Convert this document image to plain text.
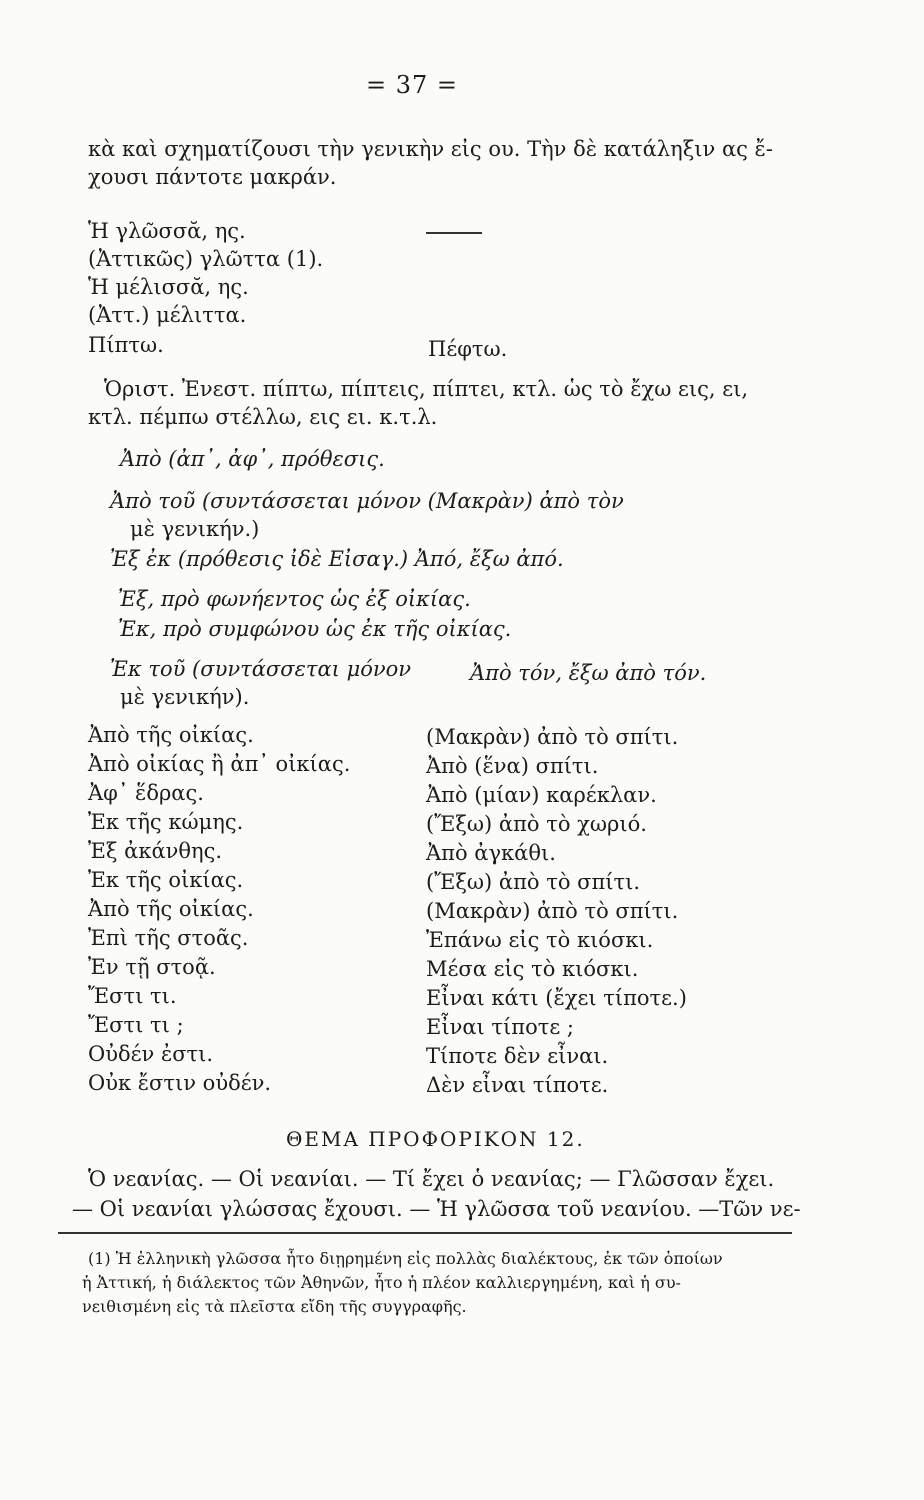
= 37 =
κὰ καὶ σχηματίζουσι τὴν γενικὴν εἰς ου. Τὴν δὲ κατάληξιν ας ἔ-
χουσι πάντοτε μακράν.
Ἡ γλῶσσᾰ, ης.
(Ἀττικῶς) γλῶττα (1).
Ἡ μέλισσᾰ, ης.
(Ἀττ.) μέλιττα.
Πίπτω.	Πέφτω.
Ὁριστ. Ἐνεστ. πίπτω, πίπτεις, πίπτει, κτλ. ὡς τὸ ἔχω εις, ει,
κτλ. πέμπω στέλλω, εις ει. κ.τ.λ.
Ἀπὸ (ἀπ᾽, ἀφ᾽, πρόθεσις.
Ἀπὸ τοῦ (συντάσσεται μόνον (Μακρὰν) ἀπὸ τὸν
μὲ γενικήν.)
Ἐξ ἐκ (πρόθεσις ἰδὲ Εἰσαγ.) Ἀπό, ἔξω ἀπό.
Ἐξ, πρὸ φωνήεντος ὡς ἐξ οἰκίας.
Ἐκ, πρὸ συμφώνου ὡς ἐκ τῆς οἰκίας.
Ἐκ τοῦ (συντάσσεται μόνον	Ἀπὸ τόν, ἔξω ἀπὸ τόν.
μὲ γενικήν).
Ἀπὸ τῆς οἰκίας.	(Μακρὰν) ἀπὸ τὸ σπίτι.
Ἀπὸ οἰκίας ἢ ἀπ᾽ οἰκίας.	Ἀπὸ (ἕνα) σπίτι.
Ἀφ᾽ ἕδρας.	Ἀπὸ (μίαν) καρέκλαν.
Ἐκ τῆς κώμης.	(Ἔξω) ἀπὸ τὸ χωριό.
Ἐξ ἀκάνθης.	Ἀπὸ ἀγκάθι.
Ἐκ τῆς οἰκίας.	(Ἔξω) ἀπὸ τὸ σπίτι.
Ἀπὸ τῆς οἰκίας.	(Μακρὰν) ἀπὸ τὸ σπίτι.
Ἐπὶ τῆς στοᾶς.	Ἐπάνω εἰς τὸ κιόσκι.
Ἐν τῇ στοᾷ.	Μέσα εἰς τὸ κιόσκι.
Ἔστι τι.	Εἶναι κάτι (ἔχει τίποτε.)
Ἔστι τι ;	Εἶναι τίποτε ;
Οὐδέν ἐστι.	Τίποτε δὲν εἶναι.
Οὐκ ἔστιν οὐδέν.	Δὲν εἶναι τίποτε.
ΘΕΜΑ ΠΡΟΦΟΡΙΚΟΝ 12.
Ὁ νεανίας. — Οἱ νεανίαι. — Τί ἔχει ὁ νεανίας; — Γλῶσσαν ἔχει.
— Οἱ νεανίαι γλώσσας ἔχουσι. — Ἡ γλῶσσα τοῦ νεανίου. —Τῶν νε-
(1) Ἡ ἑλληνικὴ γλῶσσα ἦτο διῃρημένη εἰς πολλὰς διαλέκτους, ἐκ τῶν ὁποίων
ἡ Ἀττική, ἡ διάλεκτος τῶν Ἀθηνῶν, ἦτο ἡ πλέον καλλιεργημένη, καὶ ἡ συ-
νειθισμένη εἰς τὰ πλεῖστα εἴδη τῆς συγγραφῆς.
